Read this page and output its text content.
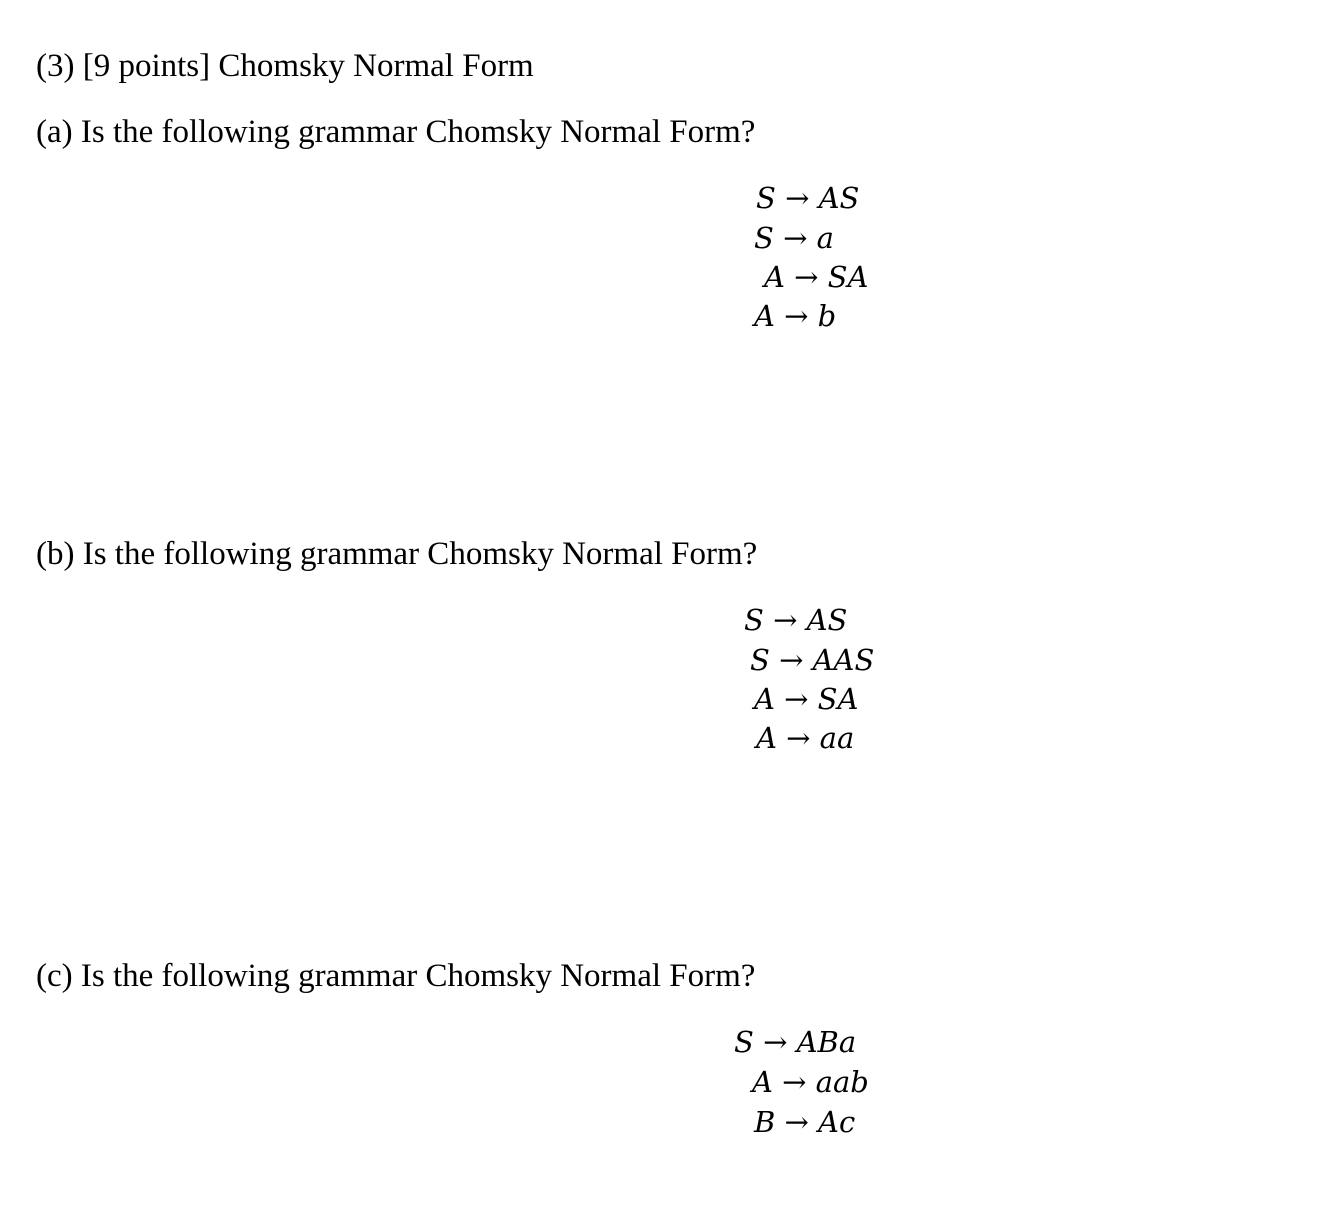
(3) [9 points] Chomsky Normal Form
(a) Is the following grammar Chomsky Normal Form?
S → AS
S → a
A → SA
A → b
(b) Is the following grammar Chomsky Normal Form?
S → AS
S → AAS
A → SA
A → aa
(c) Is the following grammar Chomsky Normal Form?
S → ABa
A → aab
B → Ac
